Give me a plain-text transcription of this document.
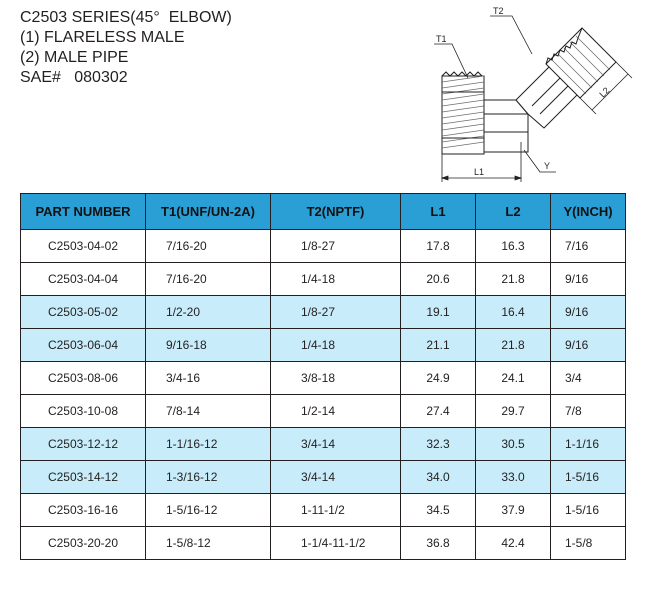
C2503 SERIES(45°  ELBOW)
(1) FLARELESS MALE
(2) MALE PIPE
SAE#   080302
T1
T2
L1
L2
Y
PART NUMBER	T1(UNF/UN-2A)	T2(NPTF)	L1	L2	Y(INCH)
C2503-04-02	7/16-20	1/8-27	17.8	16.3	7/16
C2503-04-04	7/16-20	1/4-18	20.6	21.8	9/16
C2503-05-02	1/2-20	1/8-27	19.1	16.4	9/16
C2503-06-04	9/16-18	1/4-18	21.1	21.8	9/16
C2503-08-06	3/4-16	3/8-18	24.9	24.1	3/4
C2503-10-08	7/8-14	1/2-14	27.4	29.7	7/8
C2503-12-12	1-1/16-12	3/4-14	32.3	30.5	1-1/16
C2503-14-12	1-3/16-12	3/4-14	34.0	33.0	1-5/16
C2503-16-16	1-5/16-12	1-11-1/2	34.5	37.9	1-5/16
C2503-20-20	1-5/8-12	1-1/4-11-1/2	36.8	42.4	1-5/8
